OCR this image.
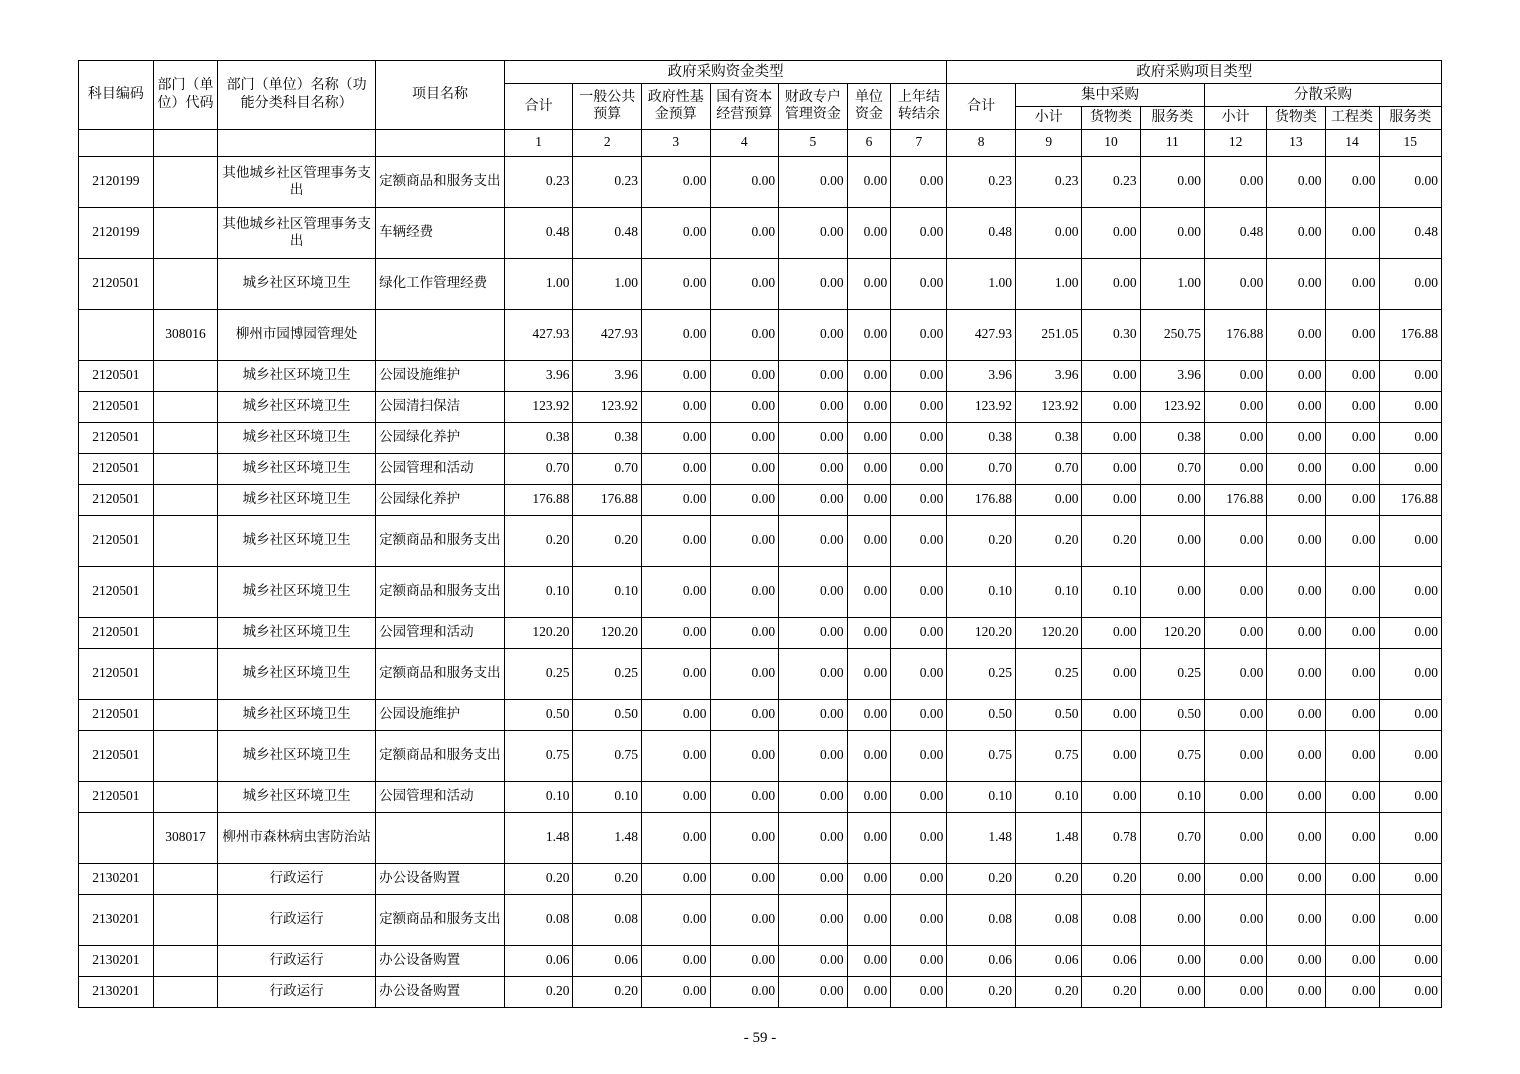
科目编码	部门（单位）代码	部门（单位）名称（功能分类科目名称）	项目名称	政府采购资金类型							政府采购项目类型							
				合计	一般公共预算	政府性基金预算	国有资本经营预算	财政专户管理资金	单位资金	上年结转结余	合计	集中采购			分散采购			
												小计	货物类	服务类	小计	货物类	工程类	服务类
				1	2	3	4	5	6	7	8	9	10	11	12	13	14	15
2120199		其他城乡社区管理事务支出	定额商品和服务支出	0.23	0.23	0.00	0.00	0.00	0.00	0.00	0.23	0.23	0.23	0.00	0.00	0.00	0.00	0.00
2120199		其他城乡社区管理事务支出	车辆经费	0.48	0.48	0.00	0.00	0.00	0.00	0.00	0.48	0.00	0.00	0.00	0.48	0.00	0.00	0.48
2120501		城乡社区环境卫生	绿化工作管理经费	1.00	1.00	0.00	0.00	0.00	0.00	0.00	1.00	1.00	0.00	1.00	0.00	0.00	0.00	0.00
	308016	柳州市园博园管理处		427.93	427.93	0.00	0.00	0.00	0.00	0.00	427.93	251.05	0.30	250.75	176.88	0.00	0.00	176.88
2120501		城乡社区环境卫生	公园设施维护	3.96	3.96	0.00	0.00	0.00	0.00	0.00	3.96	3.96	0.00	3.96	0.00	0.00	0.00	0.00
2120501		城乡社区环境卫生	公园清扫保洁	123.92	123.92	0.00	0.00	0.00	0.00	0.00	123.92	123.92	0.00	123.92	0.00	0.00	0.00	0.00
2120501		城乡社区环境卫生	公园绿化养护	0.38	0.38	0.00	0.00	0.00	0.00	0.00	0.38	0.38	0.00	0.38	0.00	0.00	0.00	0.00
2120501		城乡社区环境卫生	公园管理和活动	0.70	0.70	0.00	0.00	0.00	0.00	0.00	0.70	0.70	0.00	0.70	0.00	0.00	0.00	0.00
2120501		城乡社区环境卫生	公园绿化养护	176.88	176.88	0.00	0.00	0.00	0.00	0.00	176.88	0.00	0.00	0.00	176.88	0.00	0.00	176.88
2120501		城乡社区环境卫生	定额商品和服务支出	0.20	0.20	0.00	0.00	0.00	0.00	0.00	0.20	0.20	0.20	0.00	0.00	0.00	0.00	0.00
2120501		城乡社区环境卫生	定额商品和服务支出	0.10	0.10	0.00	0.00	0.00	0.00	0.00	0.10	0.10	0.10	0.00	0.00	0.00	0.00	0.00
2120501		城乡社区环境卫生	公园管理和活动	120.20	120.20	0.00	0.00	0.00	0.00	0.00	120.20	120.20	0.00	120.20	0.00	0.00	0.00	0.00
2120501		城乡社区环境卫生	定额商品和服务支出	0.25	0.25	0.00	0.00	0.00	0.00	0.00	0.25	0.25	0.00	0.25	0.00	0.00	0.00	0.00
2120501		城乡社区环境卫生	公园设施维护	0.50	0.50	0.00	0.00	0.00	0.00	0.00	0.50	0.50	0.00	0.50	0.00	0.00	0.00	0.00
2120501		城乡社区环境卫生	定额商品和服务支出	0.75	0.75	0.00	0.00	0.00	0.00	0.00	0.75	0.75	0.00	0.75	0.00	0.00	0.00	0.00
2120501		城乡社区环境卫生	公园管理和活动	0.10	0.10	0.00	0.00	0.00	0.00	0.00	0.10	0.10	0.00	0.10	0.00	0.00	0.00	0.00
	308017	柳州市森林病虫害防治站		1.48	1.48	0.00	0.00	0.00	0.00	0.00	1.48	1.48	0.78	0.70	0.00	0.00	0.00	0.00
2130201		行政运行	办公设备购置	0.20	0.20	0.00	0.00	0.00	0.00	0.00	0.20	0.20	0.20	0.00	0.00	0.00	0.00	0.00
2130201		行政运行	定额商品和服务支出	0.08	0.08	0.00	0.00	0.00	0.00	0.00	0.08	0.08	0.08	0.00	0.00	0.00	0.00	0.00
2130201		行政运行	办公设备购置	0.06	0.06	0.00	0.00	0.00	0.00	0.00	0.06	0.06	0.06	0.00	0.00	0.00	0.00	0.00
2130201		行政运行	办公设备购置	0.20	0.20	0.00	0.00	0.00	0.00	0.00	0.20	0.20	0.20	0.00	0.00	0.00	0.00	0.00
- 59 -
